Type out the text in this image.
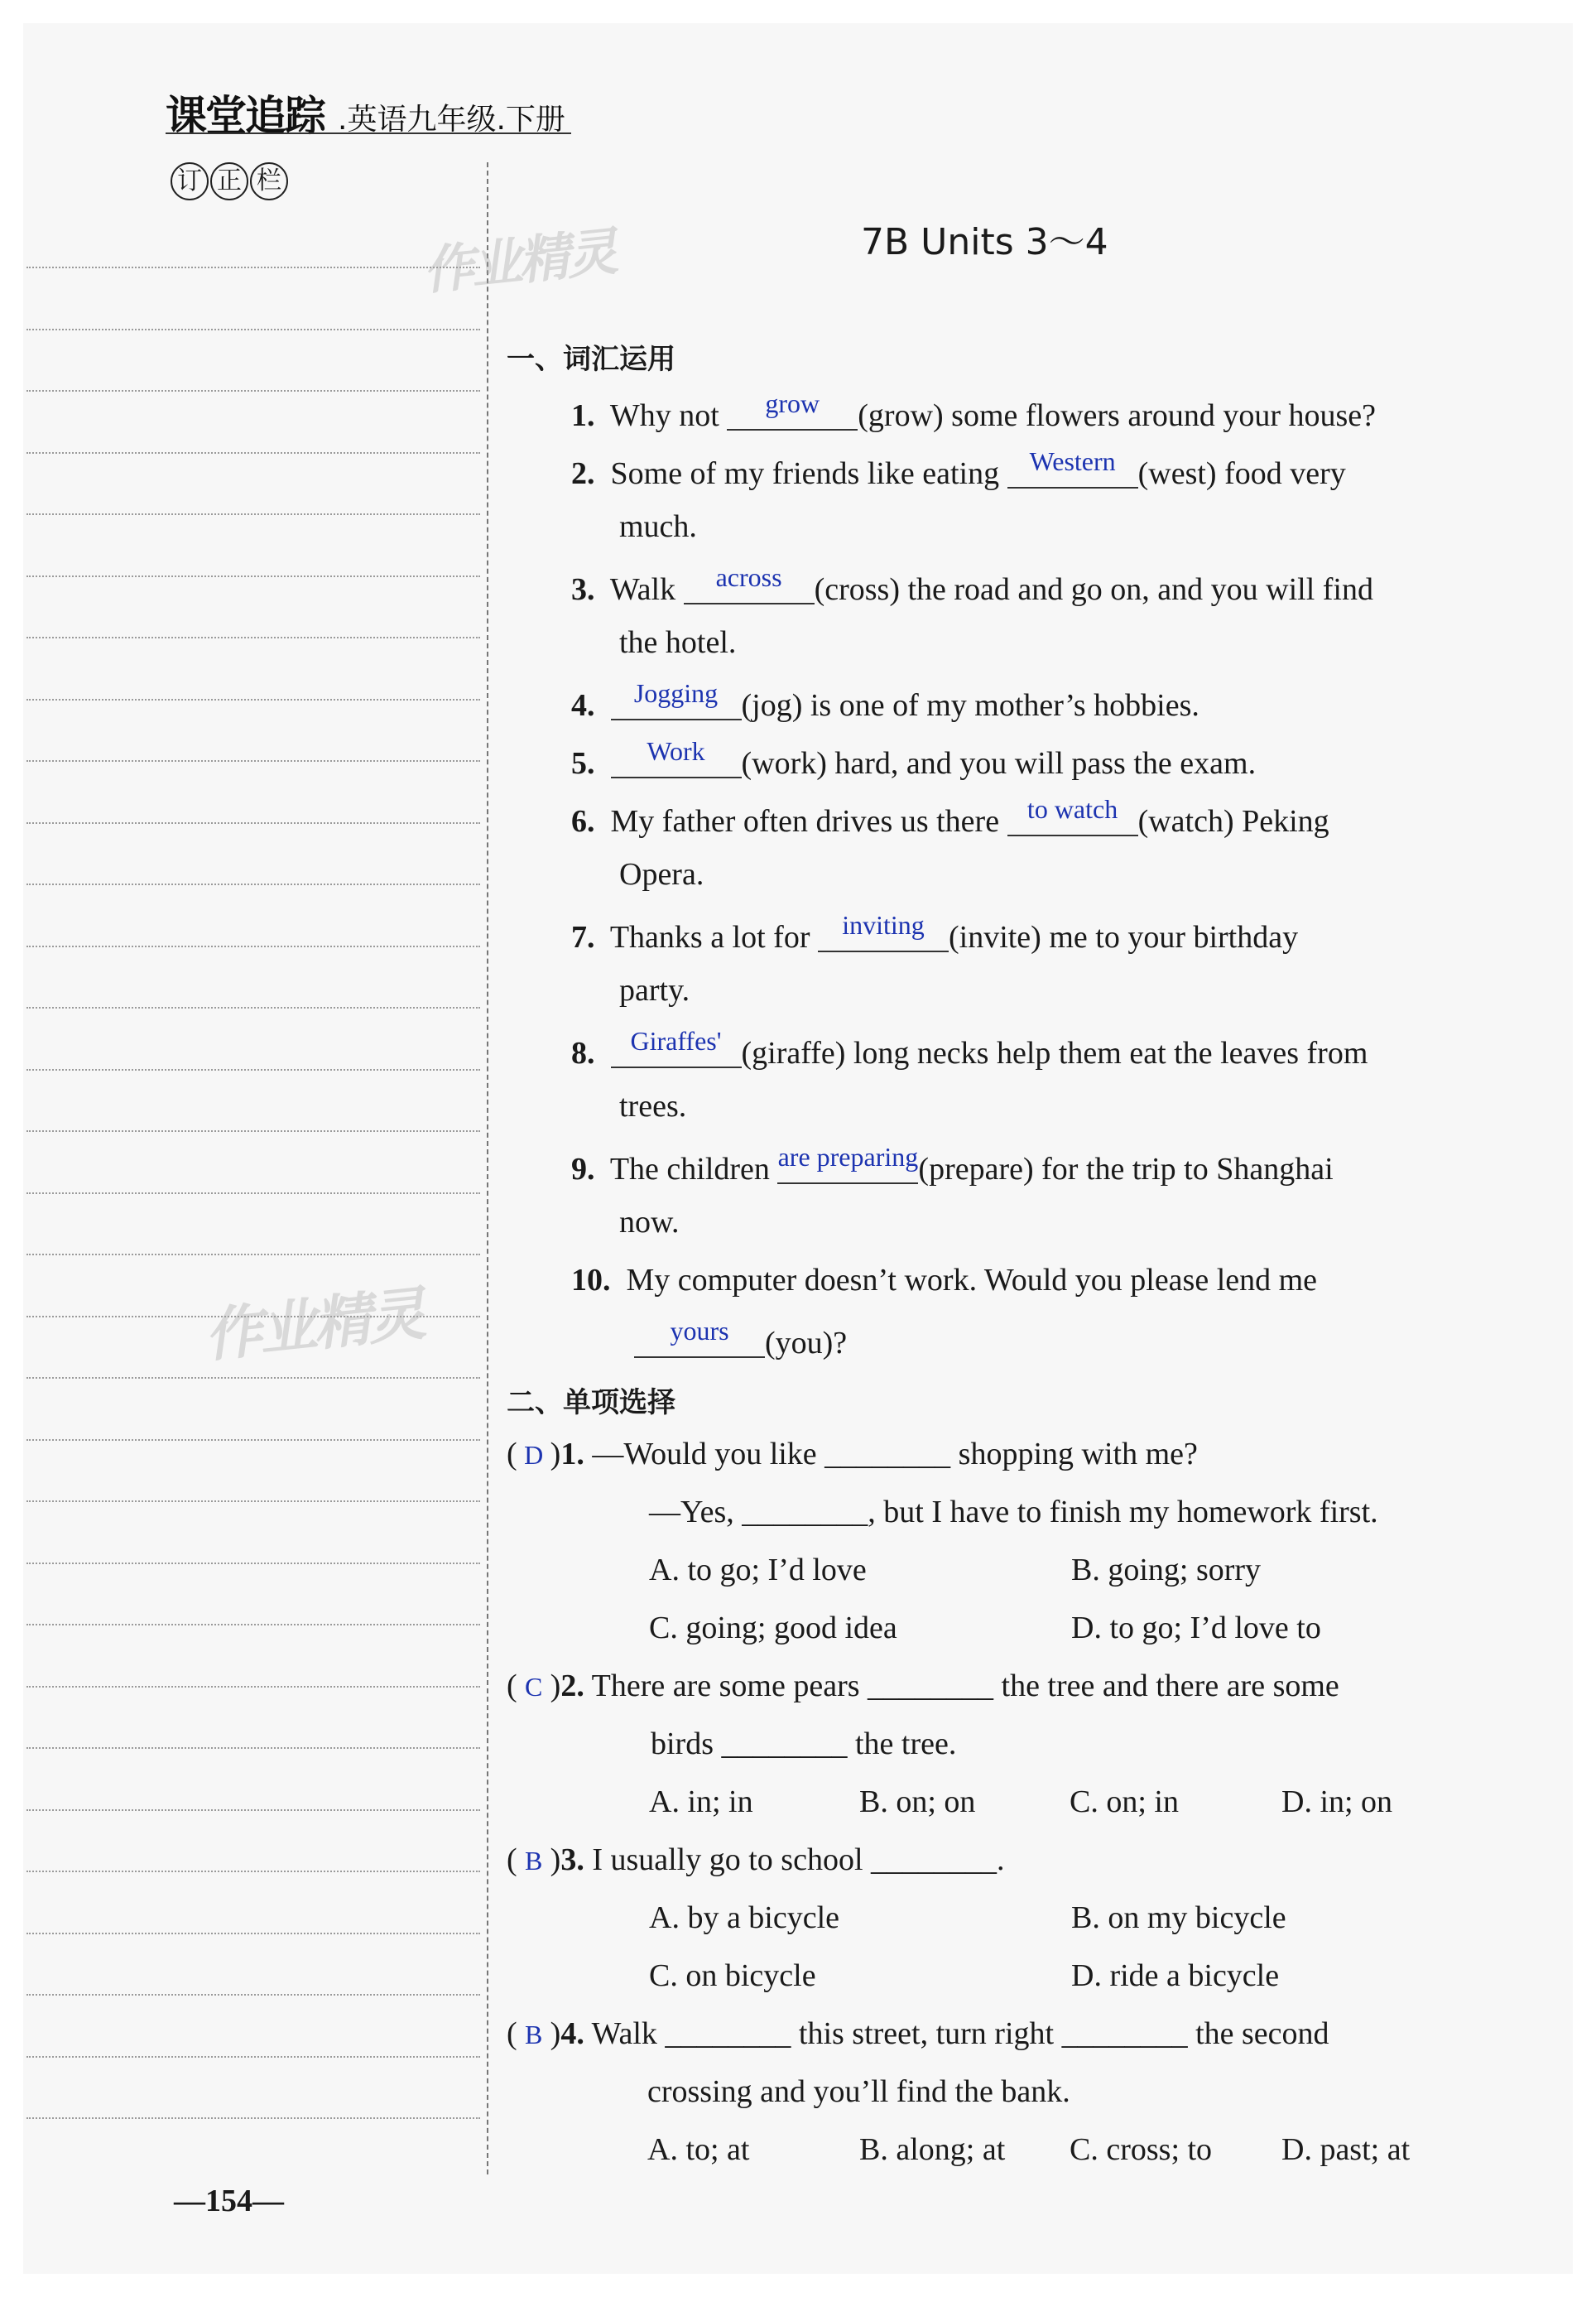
课堂追踪 .英语九年级.下册
订 正 栏
作业精灵
作业精灵
7B Units 3～4
一、词汇运用
1. Why not	grow	(grow) some flowers around your house?
2. Some of my friends like eating Western (west) food very
much.
3. Walk	across	(cross) the road and go on, and you will find
the hotel.
4.	Jogging (jog) is one of my mother’s hobbies.
5.	Work	(work) hard, and you will pass the exam.
6. My father often drives us there to watch (watch) Peking
Opera.
7. Thanks a lot for inviting (invite) me to your birthday
party.
8.	Giraffes' (giraffe) long necks help them eat the leaves from
trees.
9. The children are preparing (prepare) for the trip to Shanghai
now.
10. My computer doesn’t work. Would you please lend me
yours	(you)?
二、单项选择
( D )1. —Would you like ________ shopping with me?
—Yes, ________, but I have to finish my homework first.
A. to go; I’d love	B. going; sorry
C. going; good idea	D. to go; I’d love to
( C )2. There are some pears ________ the tree and there are some
birds ________ the tree.
A. in; in	B. on; on	C. on; in	D. in; on
( B )3. I usually go to school ________.
A. by a bicycle	B. on my bicycle
C. on bicycle	D. ride a bicycle
( B )4. Walk ________ this street, turn right ________ the second
crossing and you’ll find the bank.
A. to; at	B. along; at C. cross; to D. past; at
—154—
